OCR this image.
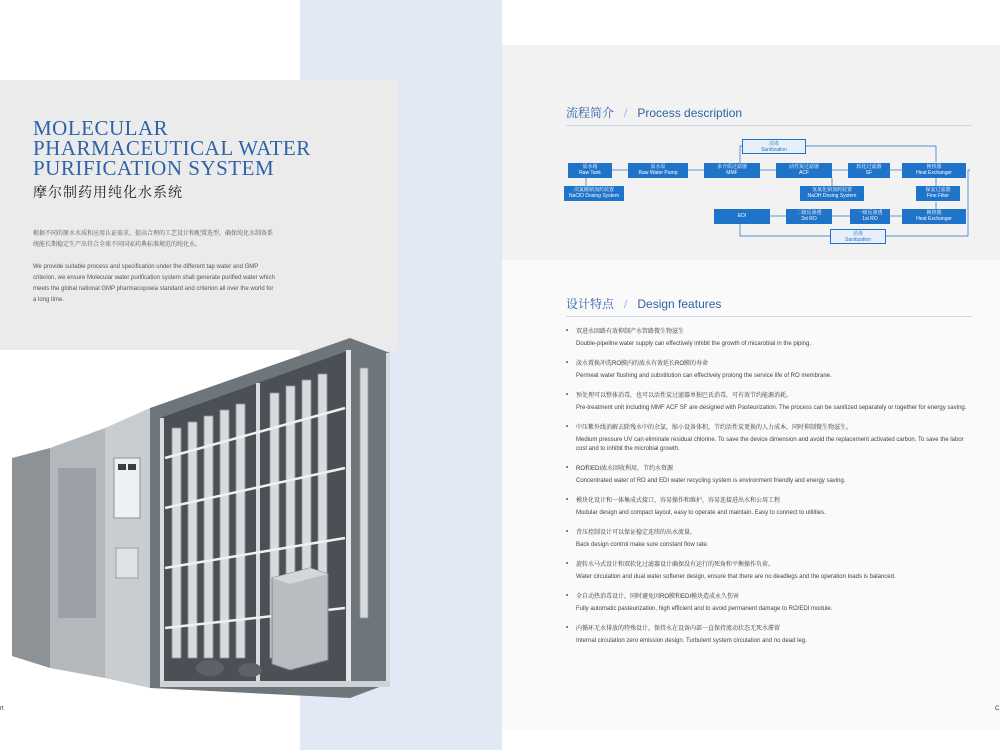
MOLECULAR
PHARMACEUTICAL WATER
PURIFICATION SYSTEM
摩尔制药用纯化水系统
根据不同的原水水质和应用认证需求，提高合理的工艺设计和配置选型，确保纯化水制备系统能长期稳定生产出符合全球不同国家药典标准规范的纯化水。
We provide suitable process and specification under the different tap water and GMP criterion, we ensure Molecular water purification system shall generate purified water which meets the global national GMP pharmacopoeia standard and criterion all over the world for a long time.
流程简介 / Process description
原水箱
Raw Tank
原水泵
Raw Water Pump
多介质过滤器
MMF
活性炭过滤器
ACF
软化过滤器
SF
换热器
Heat Exchanger
次氯酸钠加药装置
NaClO Dosing System
氢氧化钠加药装置
NaOH Dosing System
保安过滤器
Fine Filter
EDI	二级反渗透
2st RO
一级反渗透
1st RO
换热器
Heat Exchanger
消毒
Sanitization
消毒
Sanitization
设计特点 / Design features
双进水回路有效抑制产水管路微生物滋生
Double-pipeline water supply can effectively inhibit the growth of micarobial in the piping.
淡水置换冲洗RO膜内的浓水有效延长RO膜的寿命
Permeat water flushing and substitution can effectively prolong the service life of RO membrane.
预处理可以整体消毒，也可以活性炭过滤器单独巴氏消毒，可有效节约能源消耗。
Pre-treatment unit including MMF ACF SF are designed with Pasteurization. The process can be sanitized separately or together for energy saving.
中压紫外线消解去除残水中的余氯，缩小设备体积，节约活性炭更换的人力成本，同时抑制微生物滋生。
Medium pressure UV can eliminate residual chlorine. To save the device dimension and avoid the replacement activated carbon. To save the labor cost and to inhibit the microbial growth.
RO和EDI浓水回收利用，节约水资源
Concentrated water of RO and EDI water recycling system is environment friendly and energy saving.
模块化设计和一体集成式接口，容易操作和维护，容易连接进出水和公用工程
Modular design and compact layout, easy to operate and maintain. Easy to connect to utilities.
背压控制设计可以保证稳定连续的出水流量。
Back design control make sure constant flow rate.
旋转水马式设计和双软化过滤器设计确保没有运行的死角和平衡操作负荷。
Water circulation and dual water softener design, ensure that there are no deadlegs and the operation loads is balanced.
全自动热消毒设计，同时避免因RO膜和EDI模块造成永久伤害
Fully automatic pasteurization, high efficient and to avoid permanent damage to RO/EDI module.
内循环无水排放的特殊设计，保持水在设备内部一直保持流动状态无死水滞留
Internal circulation zero emission design. Turbulent system circulation and no dead leg.
rt	C
